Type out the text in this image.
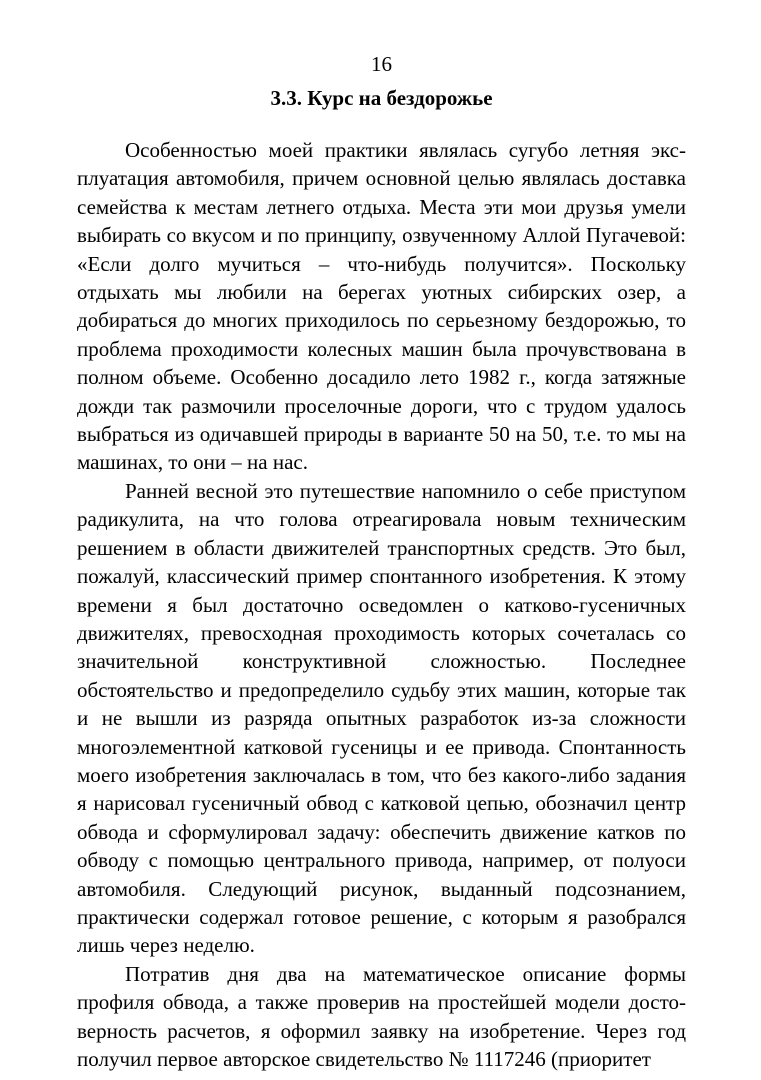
16
3.3. Курс на бездорожье

Особенностью моей практики являлась сугубо летняя эксплуатация автомобиля, причем основной целью являлась доставка семейства к местам летнего отдыха. Места эти мои друзья умели выбирать со вкусом и по принципу, озвученному Аллой Пугачевой: «Если долго мучиться – что-нибудь получится». Поскольку отдыхать мы любили на берегах уютных сибирских озер, а добираться до многих приходилось по серьезному бездорожью, то проблема проходимости колесных машин была прочувствована в полном объеме. Особенно досадило лето 1982 г., когда затяжные дожди так размочили проселочные дороги, что с трудом удалось выбраться из одичавшей природы в варианте 50 на 50, т.е. то мы на машинах, то они – на нас.

Ранней весной это путешествие напомнило о себе приступом радикулита, на что голова отреагировала новым техническим решением в области движителей транспортных средств. Это был, пожалуй, классический пример спонтанного изобретения. К этому времени я был достаточно осведомлен о катково-гусеничных движителях, превосходная проходимость которых сочеталась со значительной конструктивной сложностью. Последнее обстоятельство и предопределило судьбу этих машин, которые так и не вышли из разряда опытных разработок из-за сложности многоэлементной катковой гусеницы и ее привода. Спонтанность моего изобретения заключалась в том, что без какого-либо задания я нарисовал гусеничный обвод с катковой цепью, обозначил центр обвода и сформулировал задачу: обеспечить движение катков по обводу с помощью центрального привода, например, от полуоси автомобиля. Следующий рисунок, выданный подсознанием, практически содержал готовое решение, с которым я разобрался лишь через неделю.

Потратив дня два на математическое описание формы профиля обвода, а также проверив на простейшей модели достоверность расчетов, я оформил заявку на изобретение. Через год получил первое авторское свидетельство № 1117246 (приоритет
